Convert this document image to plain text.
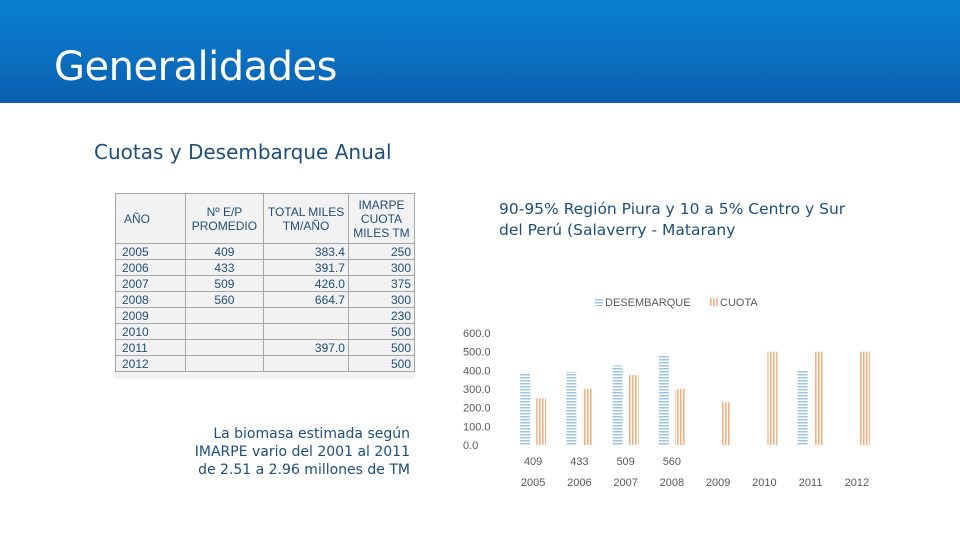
Generalidades
Cuotas y Desembarque Anual
90-95% Región Piura y 10 a 5% Centro y Sur del Perú (Salaverry - Matarany
AÑO	Nº E/P PROMEDIO	TOTAL MILES TM/AÑO	IMARPE CUOTA MILES TM
2005	409	383.4	250
2006	433	391.7	300
2007	509	426.0	375
2008	560	664.7	300
2009			230
2010			500
2011		397.0	500
2012			500
La biomasa estimada según IMARPE vario del 2001 al 2011 de 2.51 a 2.96 millones de TM
DESEMBARQUE	CUOTA
600.0
500.0
400.0
300.0
200.0
100.0
0.0
409
2005
433
2006
509
2007
560
2008 2009 2010 2011 2012
